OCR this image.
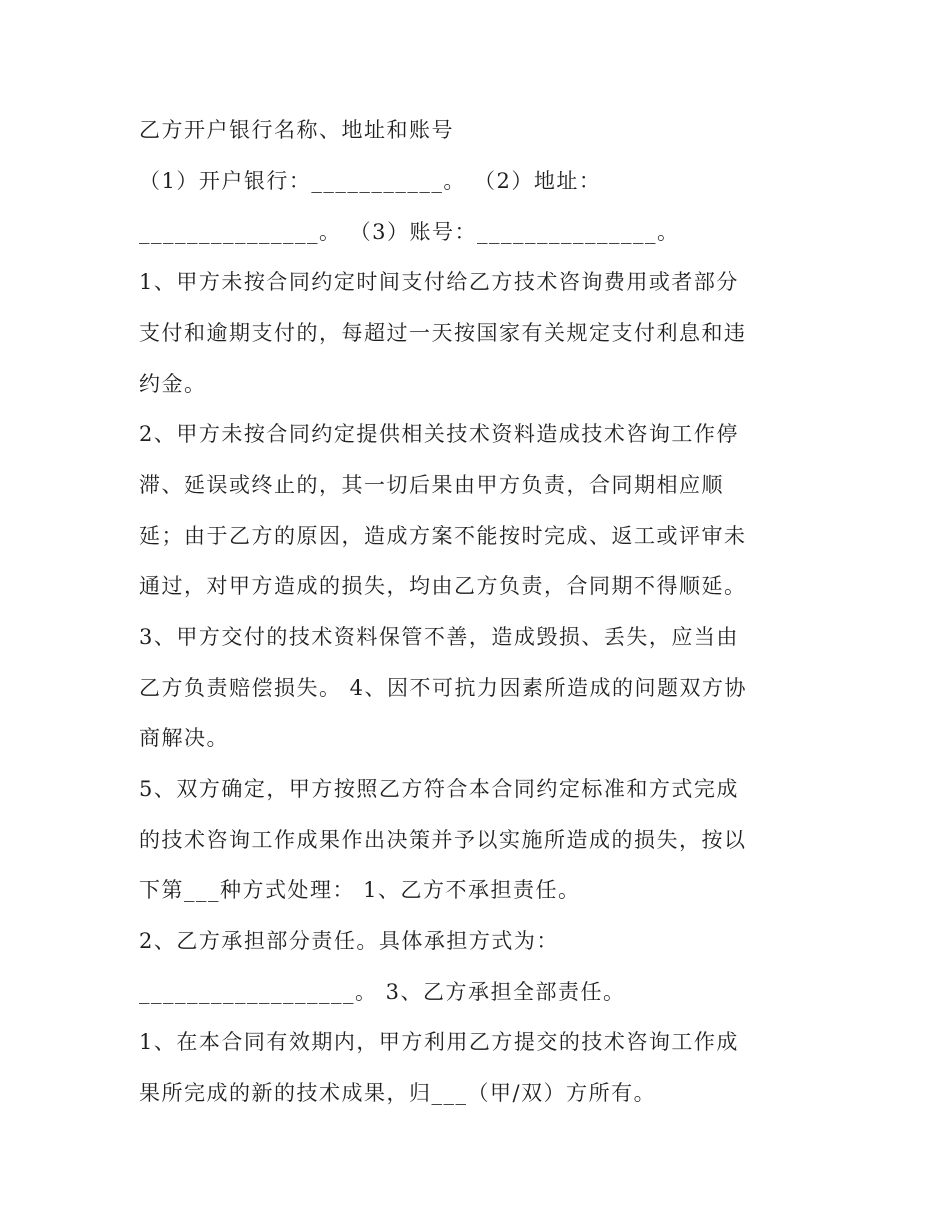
乙方开户银行名称、地址和账号
（1）开户银行：___________。 （2）地址：
_______________。 （3）账号：_______________。
1、甲方未按合同约定时间支付给乙方技术咨询费用或者部分
支付和逾期支付的，每超过一天按国家有关规定支付利息和违
约金。
2、甲方未按合同约定提供相关技术资料造成技术咨询工作停
滞、延误或终止的，其一切后果由甲方负责，合同期相应顺
延；由于乙方的原因，造成方案不能按时完成、返工或评审未
通过，对甲方造成的损失，均由乙方负责，合同期不得顺延。
3、甲方交付的技术资料保管不善，造成毁损、丢失，应当由
乙方负责赔偿损失。 4、因不可抗力因素所造成的问题双方协
商解决。
5、双方确定，甲方按照乙方符合本合同约定标准和方式完成
的技术咨询工作成果作出决策并予以实施所造成的损失，按以
下第___种方式处理： 1、乙方不承担责任。
2、乙方承担部分责任。具体承担方式为：
__________________。 3、乙方承担全部责任。
1、在本合同有效期内，甲方利用乙方提交的技术咨询工作成
果所完成的新的技术成果，归___（甲/双）方所有。
